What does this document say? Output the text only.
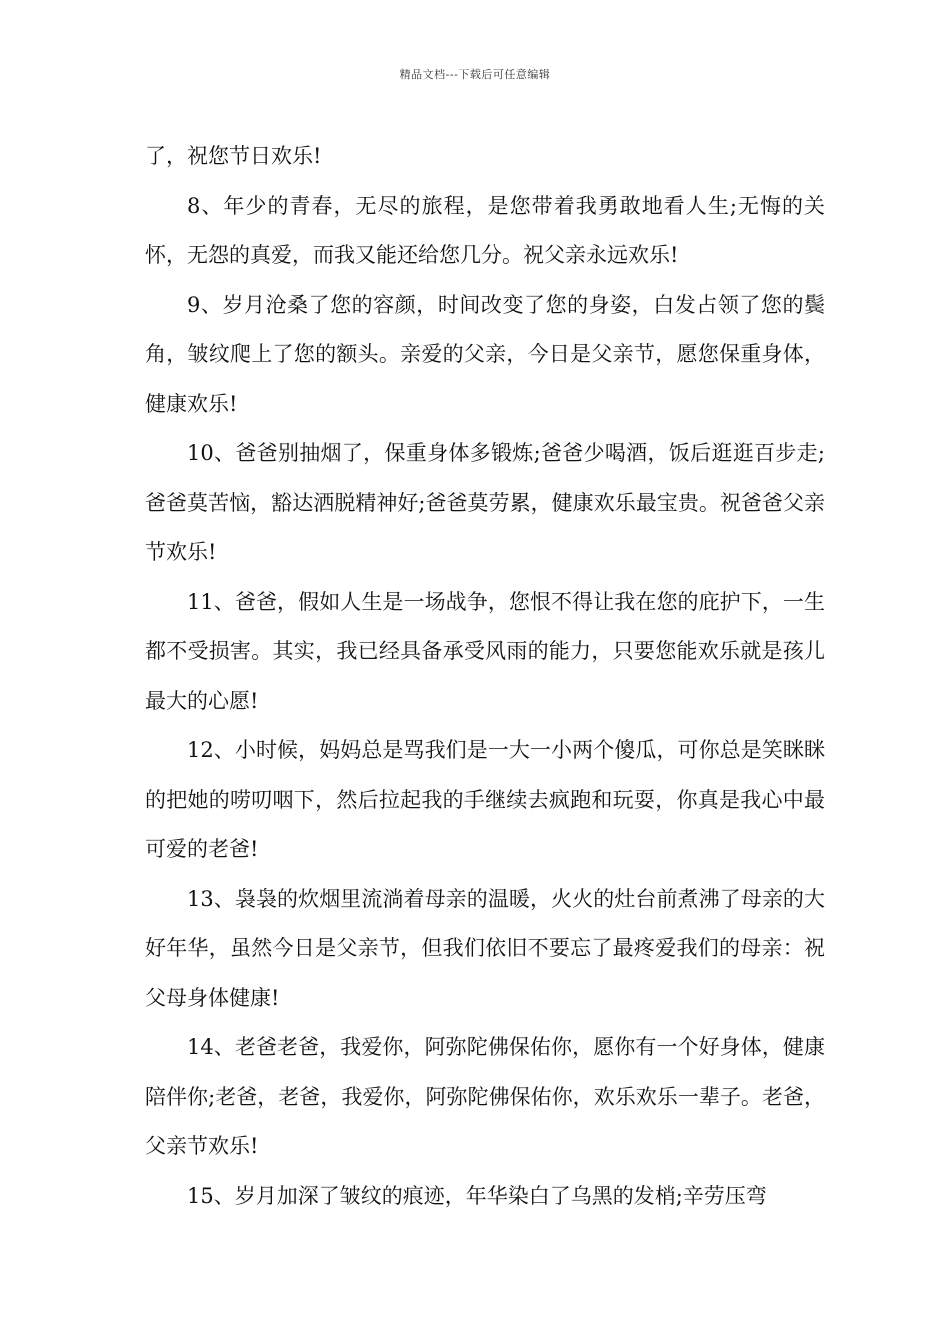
精品文档---下载后可任意编辑

了，祝您节日欢乐!

8、年少的青春，无尽的旅程，是您带着我勇敢地看人生;无悔的关怀，无怨的真爱，而我又能还给您几分。祝父亲永远欢乐!

9、岁月沧桑了您的容颜，时间改变了您的身姿，白发占领了您的鬓角，皱纹爬上了您的额头。亲爱的父亲，今日是父亲节，愿您保重身体，健康欢乐!

10、爸爸别抽烟了，保重身体多锻炼;爸爸少喝酒，饭后逛逛百步走;爸爸莫苦恼，豁达洒脱精神好;爸爸莫劳累，健康欢乐最宝贵。祝爸爸父亲节欢乐!

11、爸爸，假如人生是一场战争，您恨不得让我在您的庇护下，一生都不受损害。其实，我已经具备承受风雨的能力，只要您能欢乐就是孩儿最大的心愿!

12、小时候，妈妈总是骂我们是一大一小两个傻瓜，可你总是笑眯眯的把她的唠叨咽下，然后拉起我的手继续去疯跑和玩耍，你真是我心中最可爱的老爸!

13、袅袅的炊烟里流淌着母亲的温暖，火火的灶台前煮沸了母亲的大好年华，虽然今日是父亲节，但我们依旧不要忘了最疼爱我们的母亲：祝父母身体健康!

14、老爸老爸，我爱你，阿弥陀佛保佑你，愿你有一个好身体，健康陪伴你;老爸，老爸，我爱你，阿弥陀佛保佑你，欢乐欢乐一辈子。老爸，父亲节欢乐!

15、岁月加深了皱纹的痕迹，年华染白了乌黑的发梢;辛劳压弯
